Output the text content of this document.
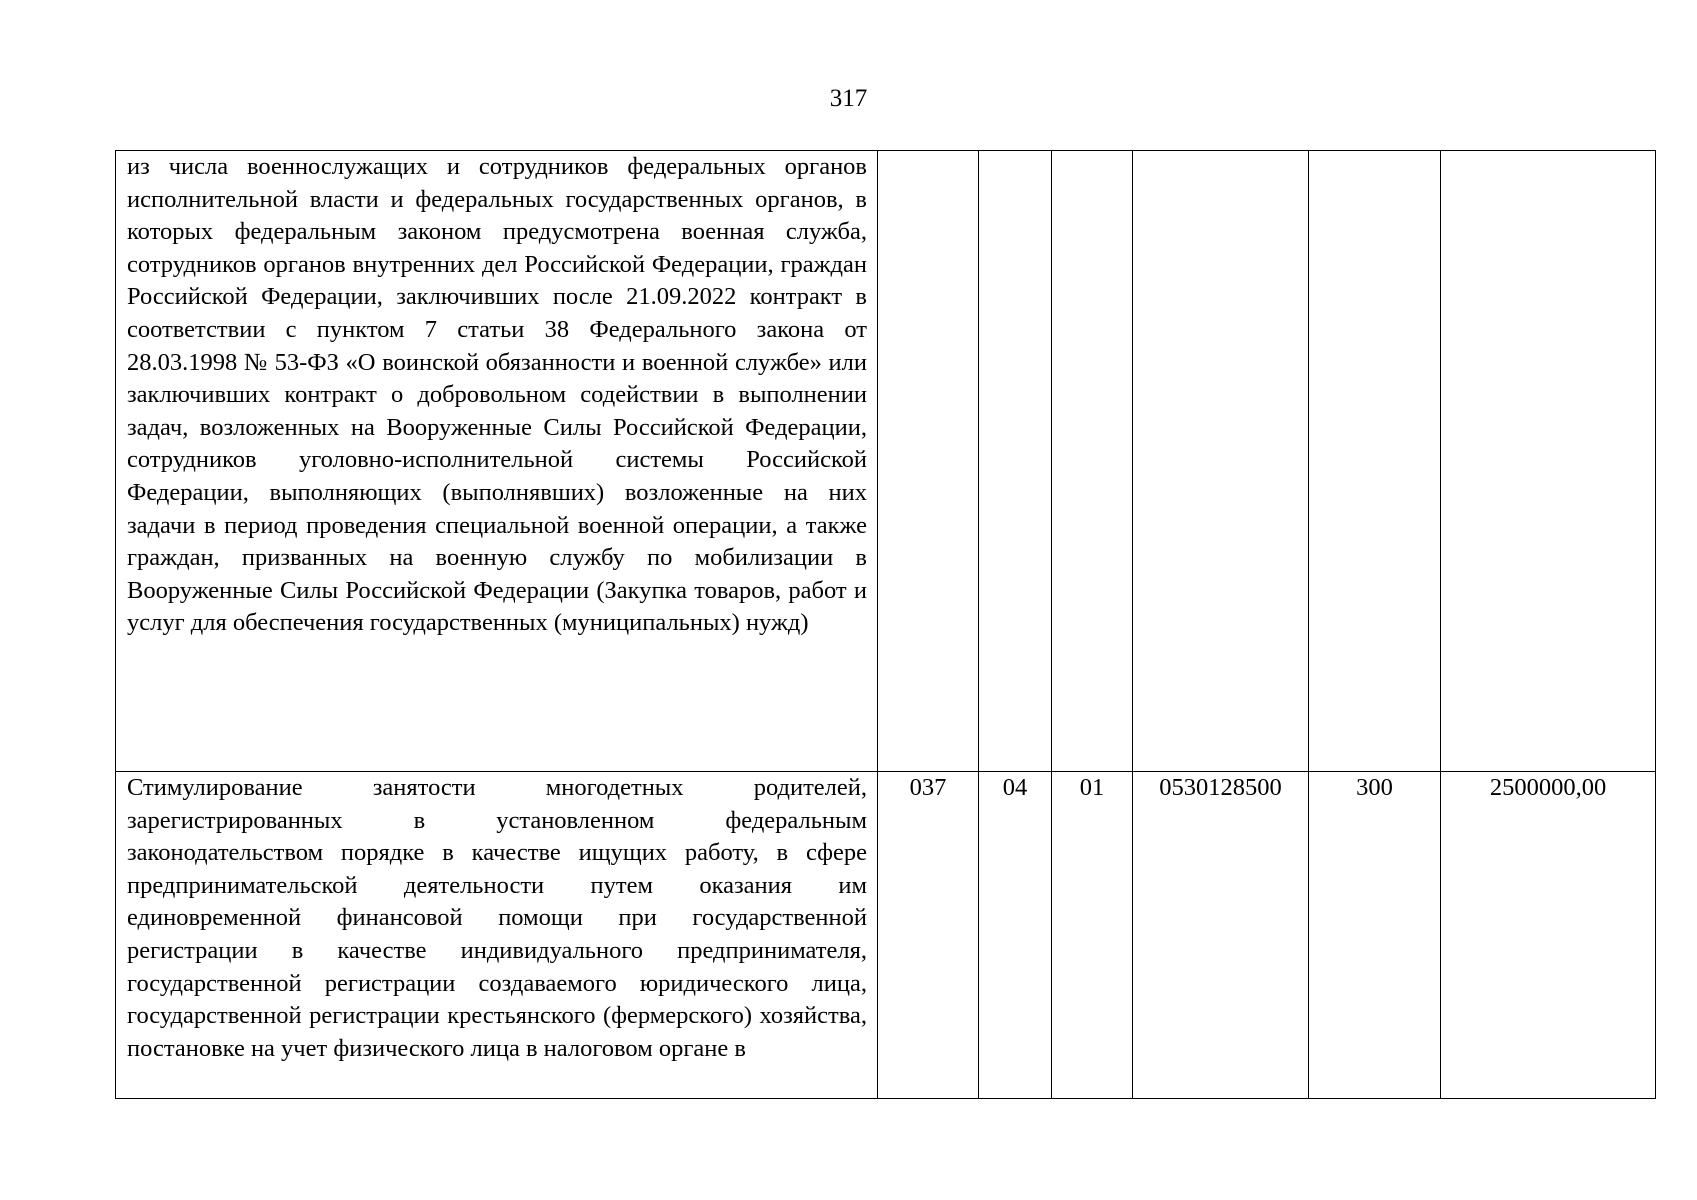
317
из числа военнослужащих и сотрудников федеральных органов исполнительной власти и федеральных государственных органов, в которых федеральным законом предусмотрена военная служба, сотрудников органов внутренних дел Российской Федерации, граждан Российской Федерации, заключивших после 21.09.2022 контракт в соответствии с пунктом 7 статьи 38 Федерального закона от 28.03.1998 № 53-ФЗ «О воинской обязанности и военной службе» или заключивших контракт о добровольном содействии в выполнении задач, возложенных на Вооруженные Силы Российской Федерации, сотрудников уголовно-исполнительной системы Российской Федерации, выполняющих (выполнявших) возложенные на них задачи в период проведения специальной военной операции, а также граждан, призванных на военную службу по мобилизации в Вооруженные Силы Российской Федерации (Закупка товаров, работ и услуг для обеспечения государственных (муниципальных) нужд)						

Стимулирование занятости многодетных родителей, зарегистрированных в установленном федеральным законодательством порядке в качестве ищущих работу, в сфере предпринимательской деятельности путем оказания им единовременной финансовой помощи при государственной регистрации в качестве индивидуального предпринимателя, государственной регистрации создаваемого юридического лица, государственной регистрации крестьянского (фермерского) хозяйства, постановке на учет физического лица в налоговом органе в	037	04	01	0530128500	300	2500000,00
